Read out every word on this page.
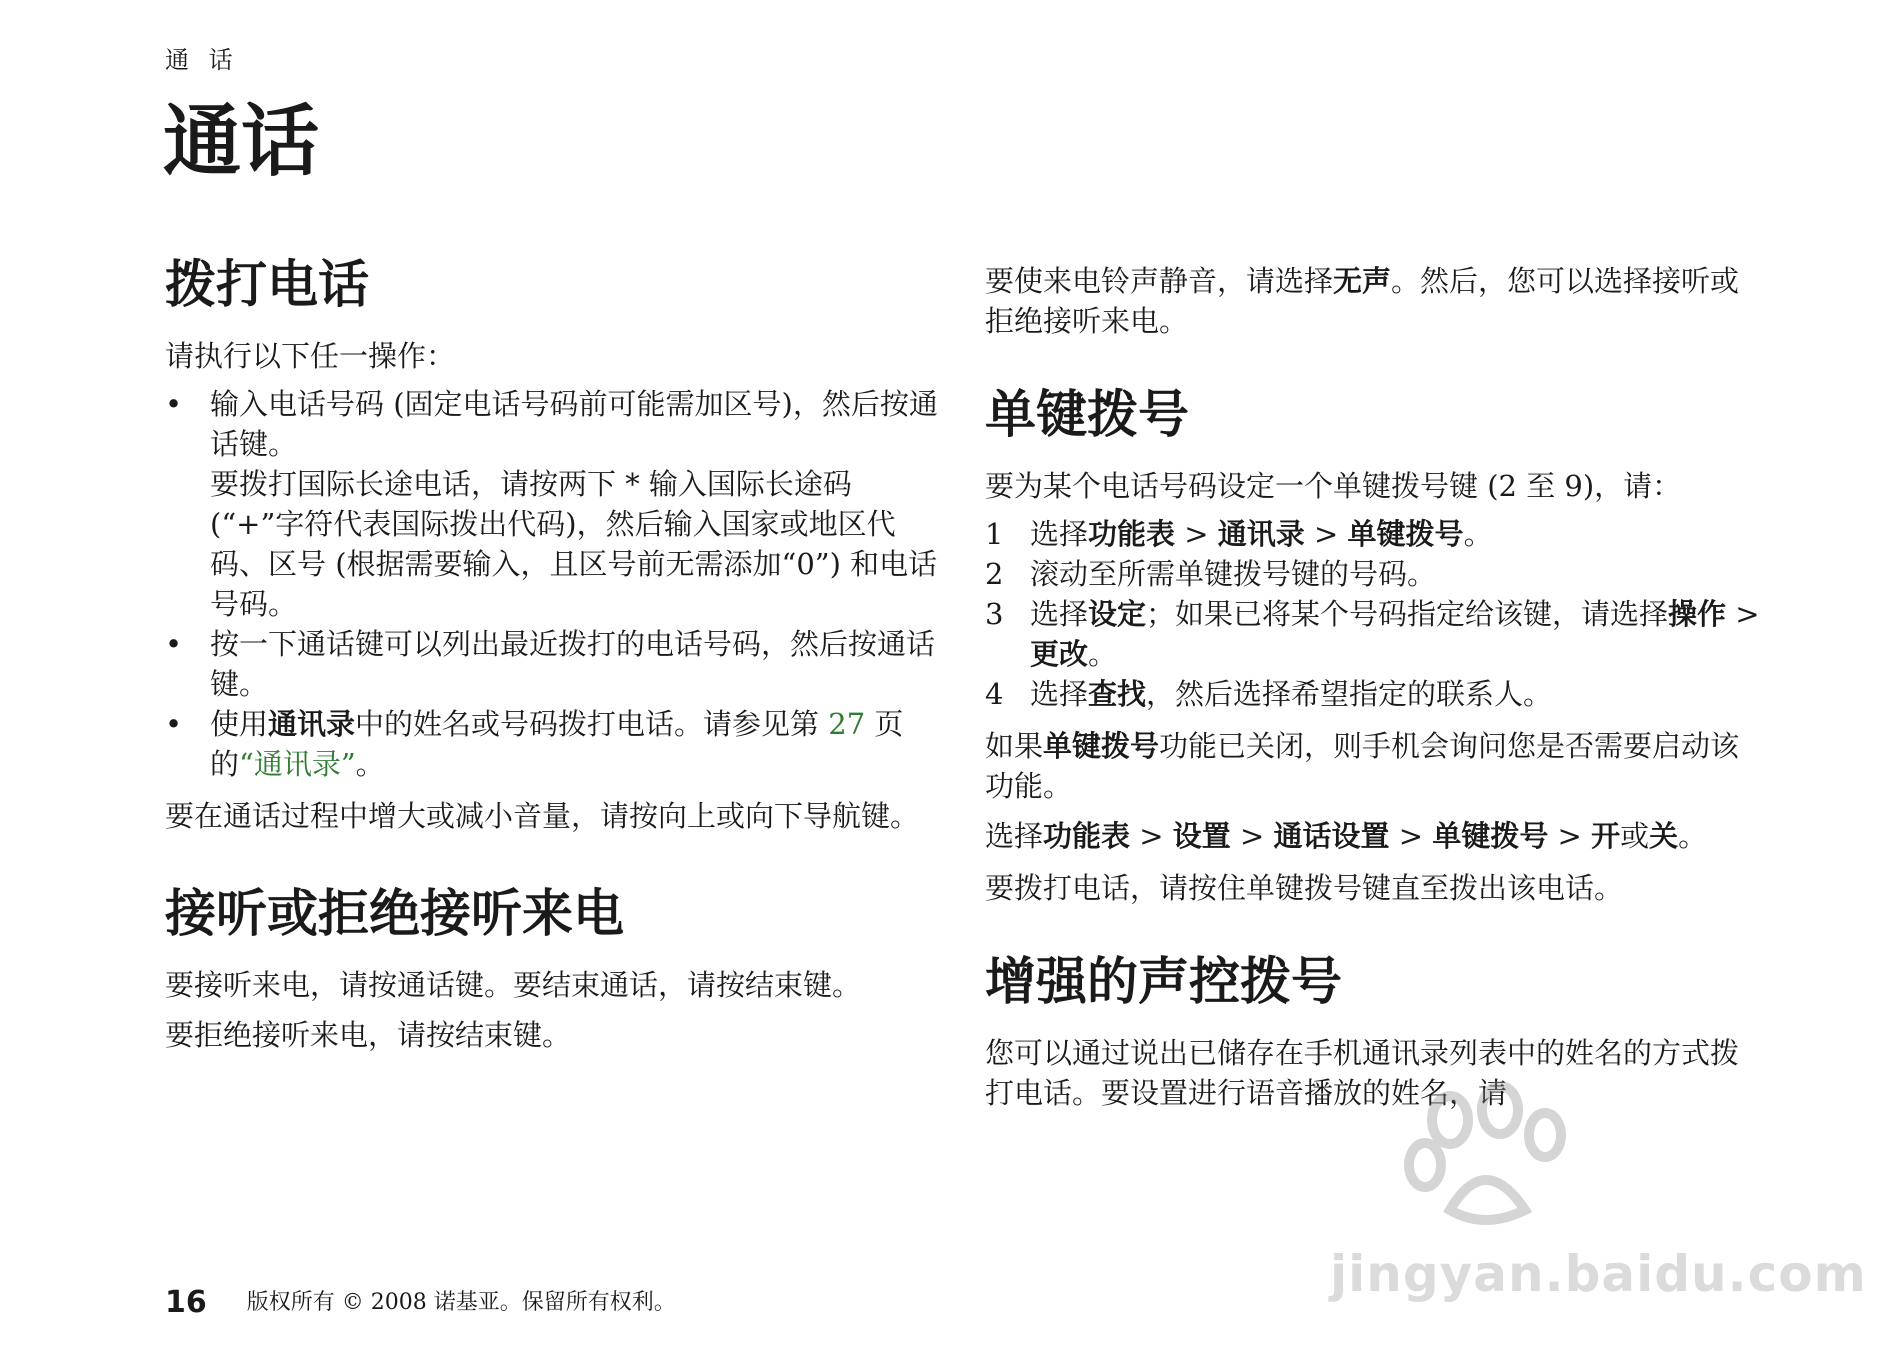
通 话
通话
拨打电话

请执行以下任一操作：

• 输入电话号码 (固定电话号码前可能需加区号)，然后按通话键。
要拨打国际长途电话，请按两下 * 输入国际长途码 (“+”字符代表国际拨出代码)，然后输入国家或地区代码、区号 (根据需要输入，且区号前无需添加“0”) 和电话号码。
• 按一下通话键可以列出最近拨打的电话号码，然后按通话键。
• 使用通讯录中的姓名或号码拨打电话。请参见第 27 页的“通讯录”。

要在通话过程中增大或减小音量，请按向上或向下导航键。

接听或拒绝接听来电

要接听来电，请按通话键。要结束通话，请按结束键。

要拒绝接听来电，请按结束键。

要使来电铃声静音，请选择无声。然后，您可以选择接听或拒绝接听来电。

单键拨号

要为某个电话号码设定一个单键拨号键 (2 至 9)，请：

1 选择功能表 > 通讯录 > 单键拨号。
2 滚动至所需单键拨号键的号码。
3 选择设定；如果已将某个号码指定给该键，请选择操作 > 更改。
4 选择查找，然后选择希望指定的联系人。

如果单键拨号功能已关闭，则手机会询问您是否需要启动该功能。

选择功能表 > 设置 > 通话设置 > 单键拨号 > 开或关。

要拨打电话，请按住单键拨号键直至拨出该电话。

增强的声控拨号

您可以通过说出已储存在手机通讯录列表中的姓名的方式拨打电话。要设置进行语音播放的姓名，请

16 版权所有 © 2008 诺基亚。保留所有权利。	jingyan.baidu.com
